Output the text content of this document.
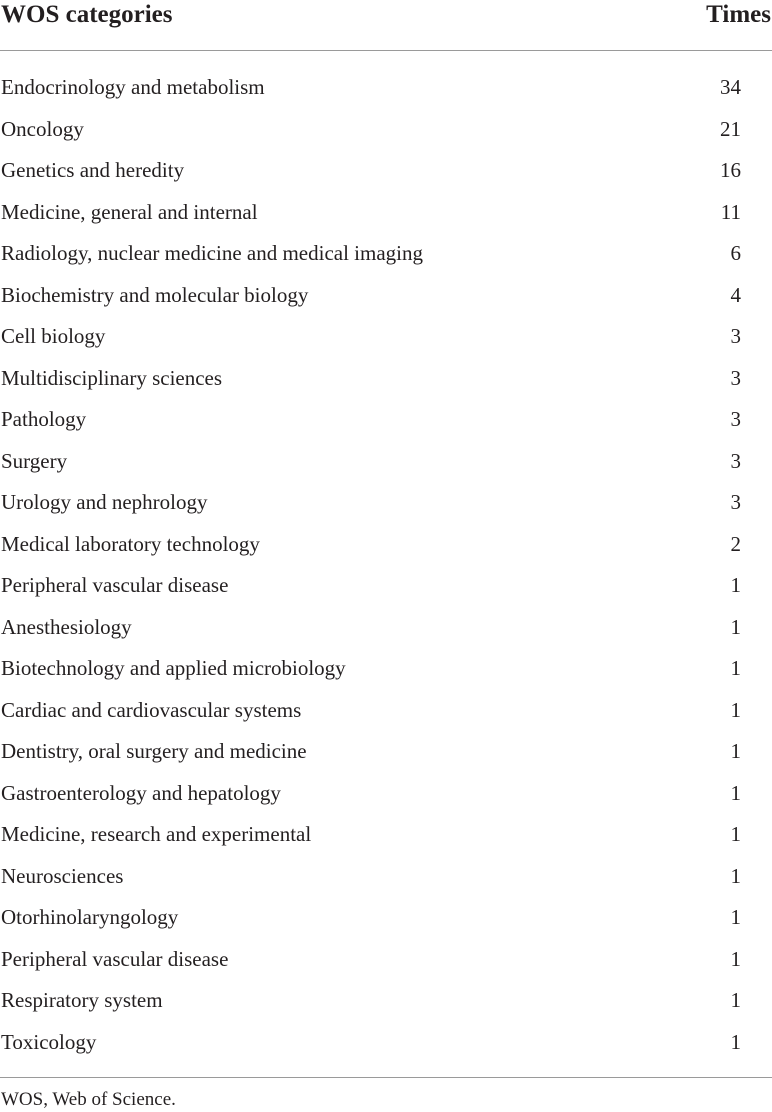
WOS categories	Times
Endocrinology and metabolism	34
Oncology	21
Genetics and heredity	16
Medicine, general and internal	11
Radiology, nuclear medicine and medical imaging	6
Biochemistry and molecular biology	4
Cell biology	3
Multidisciplinary sciences	3
Pathology	3
Surgery	3
Urology and nephrology	3
Medical laboratory technology	2
Peripheral vascular disease	1
Anesthesiology	1
Biotechnology and applied microbiology	1
Cardiac and cardiovascular systems	1
Dentistry, oral surgery and medicine	1
Gastroenterology and hepatology	1
Medicine, research and experimental	1
Neurosciences	1
Otorhinolaryngology	1
Peripheral vascular disease	1
Respiratory system	1
Toxicology	1
WOS, Web of Science.
